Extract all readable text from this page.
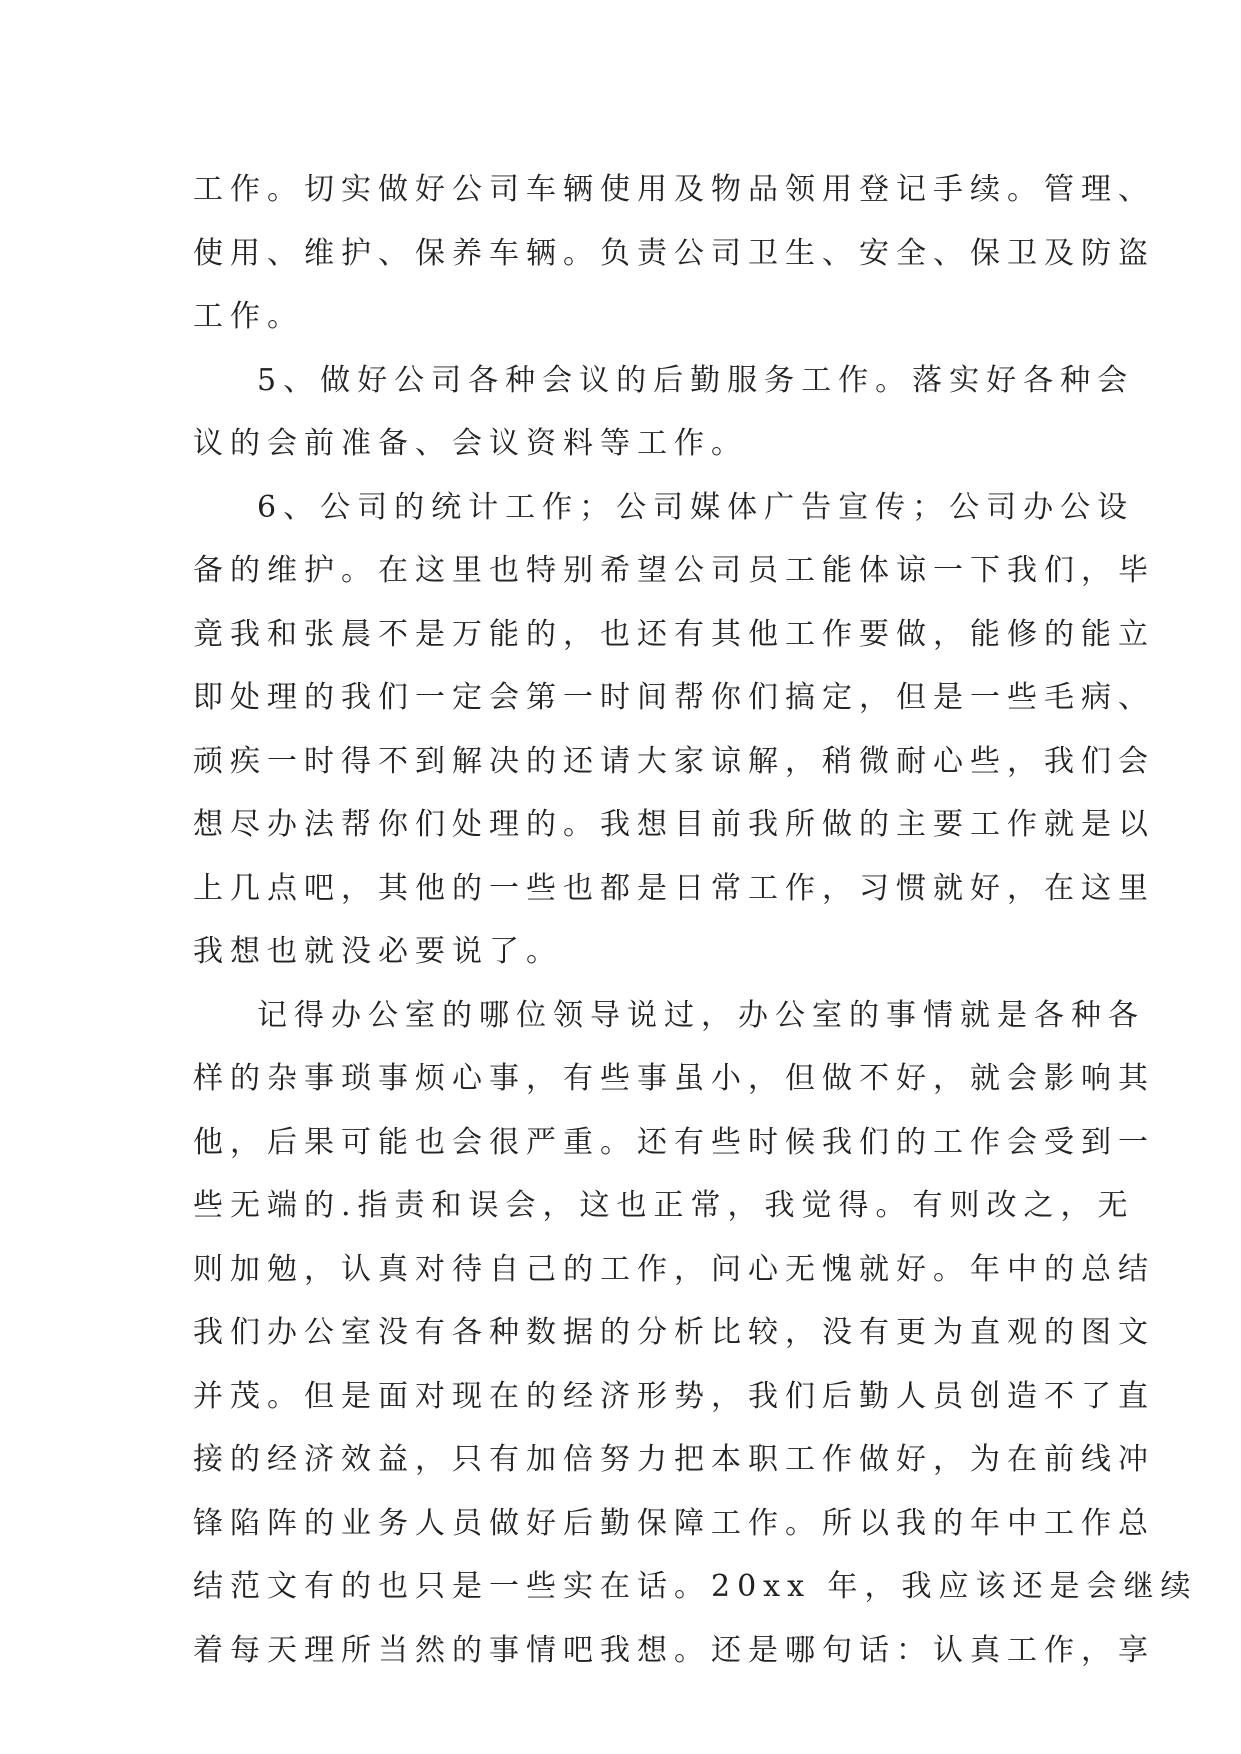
工作。切实做好公司车辆使用及物品领用登记手续。管理、
使用、维护、保养车辆。负责公司卫生、安全、保卫及防盗
工作。
5、做好公司各种会议的后勤服务工作。落实好各种会
议的会前准备、会议资料等工作。
6、公司的统计工作；公司媒体广告宣传；公司办公设
备的维护。在这里也特别希望公司员工能体谅一下我们，毕
竟我和张晨不是万能的，也还有其他工作要做，能修的能立
即处理的我们一定会第一时间帮你们搞定，但是一些毛病、
顽疾一时得不到解决的还请大家谅解，稍微耐心些，我们会
想尽办法帮你们处理的。我想目前我所做的主要工作就是以
上几点吧，其他的一些也都是日常工作，习惯就好，在这里
我想也就没必要说了。
记得办公室的哪位领导说过，办公室的事情就是各种各
样的杂事琐事烦心事，有些事虽小，但做不好，就会影响其
他，后果可能也会很严重。还有些时候我们的工作会受到一
些无端的.指责和误会，这也正常，我觉得。有则改之，无
则加勉，认真对待自己的工作，问心无愧就好。年中的总结
我们办公室没有各种数据的分析比较，没有更为直观的图文
并茂。但是面对现在的经济形势，我们后勤人员创造不了直
接的经济效益，只有加倍努力把本职工作做好，为在前线冲
锋陷阵的业务人员做好后勤保障工作。所以我的年中工作总
结范文有的也只是一些实在话。20xx 年，我应该还是会继续
着每天理所当然的事情吧我想。还是哪句话：认真工作，享
